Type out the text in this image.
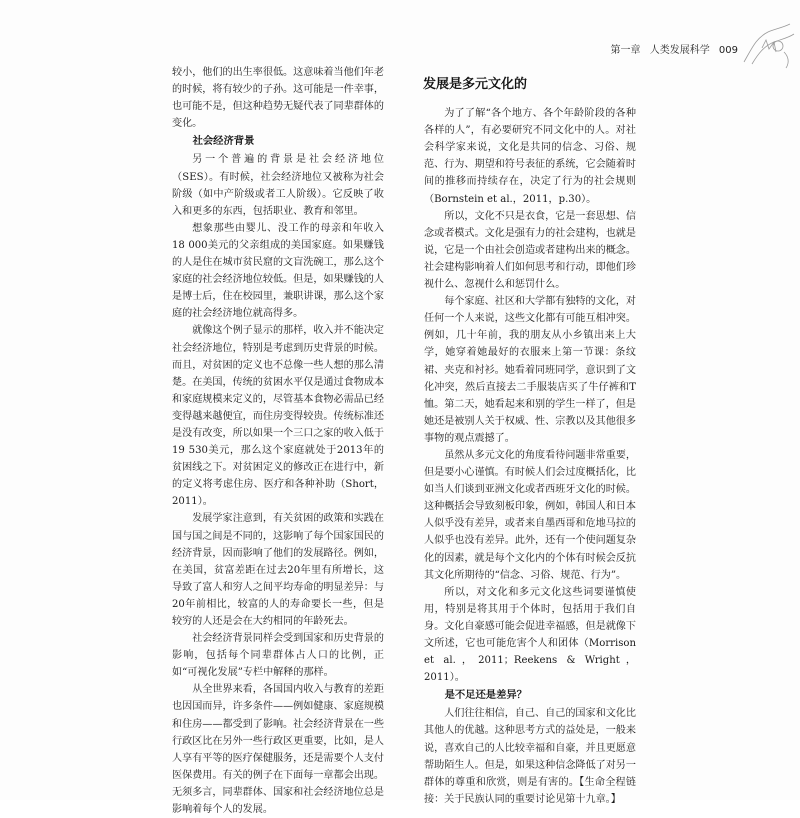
第一章 人类发展科学 009

较小，他们的出生率很低。这意味着当他们年老的时候，将有较少的子孙。这可能是一件幸事，也可能不是，但这种趋势无疑代表了同辈群体的变化。

社会经济背景

另一个普遍的背景是社会经济地位（SES）。有时候，社会经济地位又被称为社会阶级（如中产阶级或者工人阶级）。它反映了收入和更多的东西，包括职业、教育和邻里。

想象那些由婴儿、没工作的母亲和年收入18 000美元的父亲组成的美国家庭。如果赚钱的人是住在城市贫民窟的文盲洗碗工，那么这个家庭的社会经济地位较低。但是，如果赚钱的人是博士后，住在校园里，兼职讲课，那么这个家庭的社会经济地位就高得多。

就像这个例子显示的那样，收入并不能决定社会经济地位，特别是考虑到历史背景的时候。而且，对贫困的定义也不总像一些人想的那么清楚。在美国，传统的贫困水平仅是通过食物成本和家庭规模来定义的，尽管基本食物必需品已经变得越来越便宜，而住房变得较贵。传统标准还是没有改变，所以如果一个三口之家的收入低于19 530美元，那么这个家庭就处于2013年的贫困线之下。对贫困定义的修改正在进行中，新的定义将考虑住房、医疗和各种补助（Short，2011）。

发展学家注意到，有关贫困的政策和实践在国与国之间是不同的，这影响了每个国家国民的经济背景，因而影响了他们的发展路径。例如，在美国，贫富差距在过去20年里有所增长，这导致了富人和穷人之间平均寿命的明显差异：与20年前相比，较富的人的寿命要长一些，但是较穷的人还是会在大约相同的年龄死去。

社会经济背景同样会受到国家和历史背景的影响，包括每个同辈群体占人口的比例，正如“可视化发展”专栏中解释的那样。

从全世界来看，各国国内收入与教育的差距也因国而异，许多条件——例如健康、家庭规模和住房——都受到了影响。社会经济背景在一些行政区比在另外一些行政区更重要，比如，是人人享有平等的医疗保健服务，还是需要个人支付医保费用。有关的例子在下面每一章都会出现。无须多言，同辈群体、国家和社会经济地位总是影响着每个人的发展。

发展是多元文化的

为了了解“各个地方、各个年龄阶段的各种各样的人”，有必要研究不同文化中的人。对社会科学家来说，文化是共同的信念、习俗、规范、行为、期望和符号表征的系统，它会随着时间的推移而持续存在，决定了行为的社会规则（Bornstein et al.，2011，p.30）。

所以，文化不只是衣食，它是一套思想、信念或者模式。文化是强有力的社会建构，也就是说，它是一个由社会创造或者建构出来的概念。社会建构影响着人们如何思考和行动，即他们珍视什么、忽视什么和惩罚什么。

每个家庭、社区和大学都有独特的文化，对任何一个人来说，这些文化都有可能互相冲突。例如，几十年前，我的朋友从小乡镇出来上大学，她穿着她最好的衣服来上第一节课：条纹裙、夹克和衬衫。她看着同班同学，意识到了文化冲突，然后直接去二手服装店买了牛仔裤和T恤。第二天，她看起来和别的学生一样了，但是她还是被别人关于权威、性、宗教以及其他很多事物的观点震撼了。

虽然从多元文化的角度看待问题非常重要，但是要小心谨慎。有时候人们会过度概括化，比如当人们谈到亚洲文化或者西班牙文化的时候。这种概括会导致刻板印象，例如，韩国人和日本人似乎没有差异，或者来自墨西哥和危地马拉的人似乎也没有差异。此外，还有一个使问题复杂化的因素，就是每个文化内的个体有时候会反抗其文化所期待的“信念、习俗、规范、行为”。

所以，对文化和多元文化这些词要谨慎使用，特别是将其用于个体时，包括用于我们自身。文化自豪感可能会促进幸福感，但是就像下文所述，它也可能危害个人和团体（Morrison et al.，2011；Reekens & Wright，2011）。

是不足还是差异？

人们往往相信，自己、自己的国家和文化比其他人的优越。这种思考方式的益处是，一般来说，喜欢自己的人比较幸福和自豪，并且更愿意帮助陌生人。但是，如果这种信念降低了对另一群体的尊重和欣赏，则是有害的。【生命全程链接：关于民族认同的重要讨论见第十九章。】
